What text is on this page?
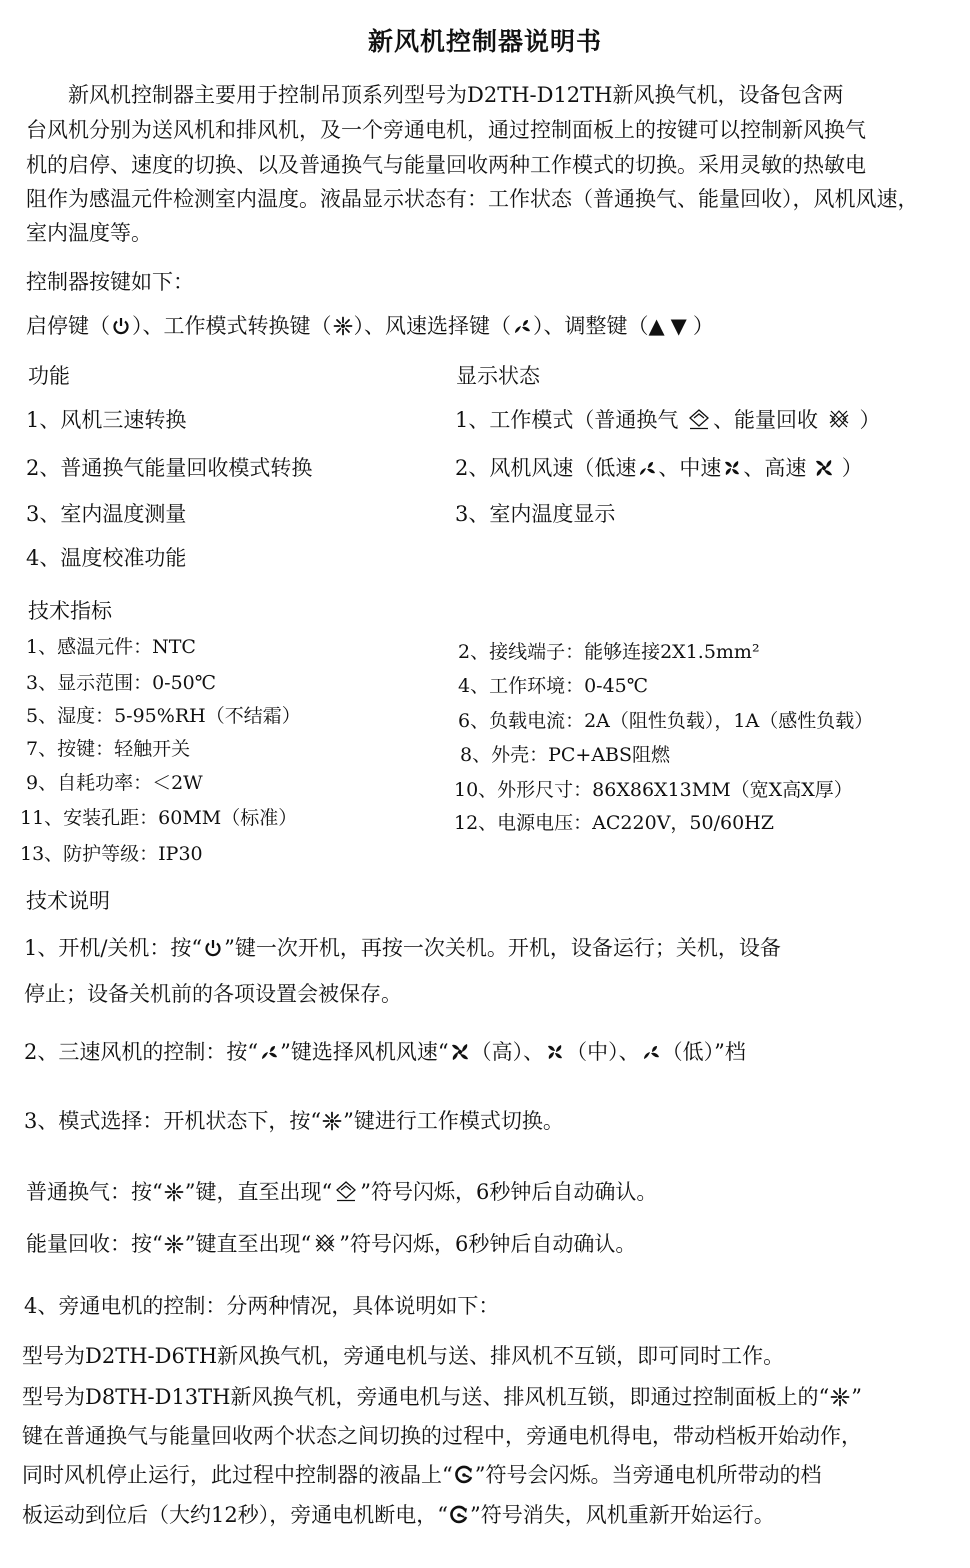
新风机控制器说明书
　　新风机控制器主要用于控制吊顶系列型号为D2TH-D12TH新风换气机，设备包含两
台风机分别为送风机和排风机，及一个旁通电机，通过控制面板上的按键可以控制新风换气
机的启停、速度的切换、以及普通换气与能量回收两种工作模式的切换。采用灵敏的热敏电
阻作为感温元件检测室内温度。液晶显示状态有：工作状态（普通换气、能量回收），风机风速，
室内温度等。
控制器按键如下：
启停键（ ）、工作模式转换键（ ）、风速选择键（ ）、调整键（▲▼）
功能	显示状态
1、风机三速转换
2、普通换气能量回收模式转换
3、室内温度测量
4、温度校准功能
1、工作模式（普通换气 、能量回收 ）
2、风机风速（低速 、中速 、高速 ）
3、室内温度显示
技术指标
1、感温元件：NTC
3、显示范围：0-50℃
5、湿度：5-95%RH（不结霜）
7、按键：轻触开关
9、自耗功率：＜2W
11、安装孔距：60MM（标准）
13、防护等级：IP30
2、接线端子：能够连接2X1.5mm²
4、工作环境：0-45℃
6、负载电流：2A（阻性负载），1A（感性负载）
8、外壳：PC+ABS阻燃
10、外形尺寸：86X86X13MM（宽X高X厚）
12、电源电压：AC220V，50/60HZ
技术说明
1、开机/关机：按“ ”键一次开机，再按一次关机。开机，设备运行；关机，设备
停止；设备关机前的各项设置会被保存。
2、三速风机的控制：按“ ”键选择风机风速“ （高）、 （中）、 （低）”档
3、模式选择：开机状态下，按“ ”键进行工作模式切换。
普通换气：按“ ”键，直至出现“ ”符号闪烁，6秒钟后自动确认。
能量回收：按“ ”键直至出现“ ”符号闪烁，6秒钟后自动确认。
4、旁通电机的控制：分两种情况，具体说明如下：
型号为D2TH-D6TH新风换气机，旁通电机与送、排风机不互锁，即可同时工作。
型号为D8TH-D13TH新风换气机，旁通电机与送、排风机互锁，即通过控制面板上的“ ”
键在普通换气与能量回收两个状态之间切换的过程中，旁通电机得电，带动档板开始动作，
同时风机停止运行，此过程中控制器的液晶上“ ”符号会闪烁。当旁通电机所带动的档
板运动到位后（大约12秒），旁通电机断电，“ ”符号消失，风机重新开始运行。
